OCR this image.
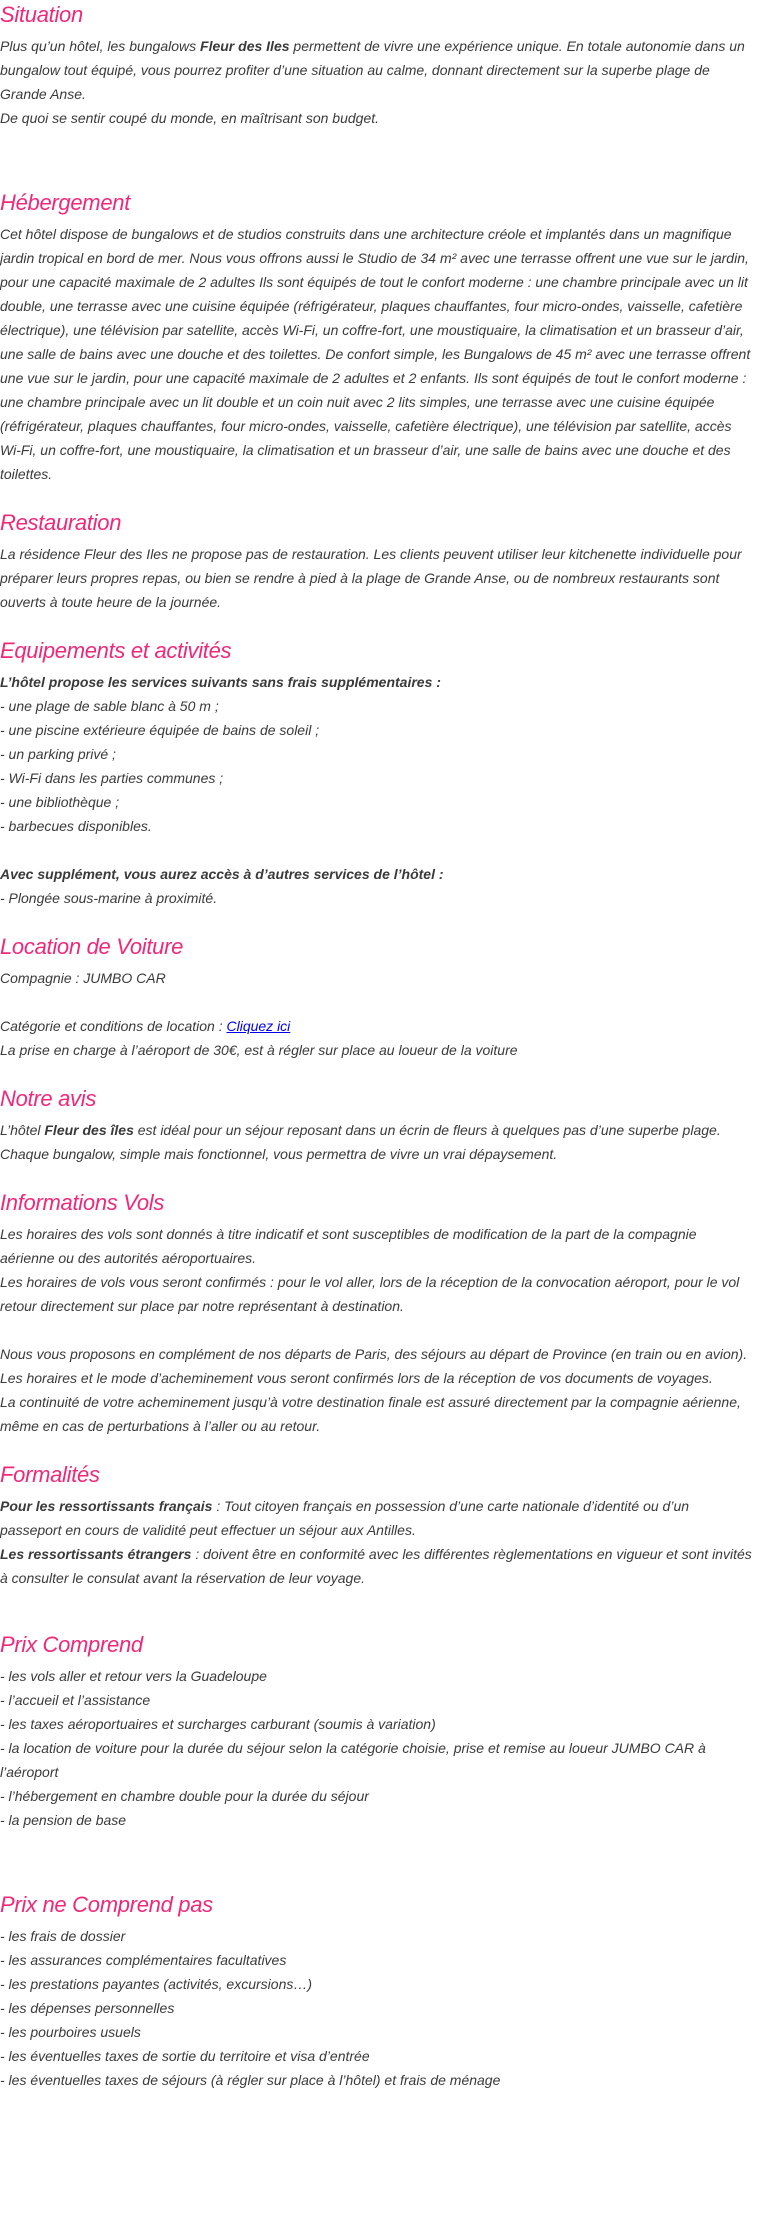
Situation

Plus qu’un hôtel, les bungalows Fleur des Iles permettent de vivre une expérience unique. En totale autonomie dans un bungalow tout équipé, vous pourrez profiter d’une situation au calme, donnant directement sur la superbe plage de Grande Anse.

De quoi se sentir coupé du monde, en maîtrisant son budget.

Hébergement

Cet hôtel dispose de bungalows et de studios construits dans une architecture créole et implantés dans un magnifique jardin tropical en bord de mer. Nous vous offrons aussi le Studio de 34 m² avec une terrasse offrent une vue sur le jardin, pour une capacité maximale de 2 adultes Ils sont équipés de tout le confort moderne : une chambre principale avec un lit double, une terrasse avec une cuisine équipée (réfrigérateur, plaques chauffantes, four micro-ondes, vaisselle, cafetière électrique), une télévision par satellite, accès Wi-Fi, un coffre-fort, une moustiquaire, la climatisation et un brasseur d’air, une salle de bains avec une douche et des toilettes. De confort simple, les Bungalows de 45 m² avec une terrasse offrent une vue sur le jardin, pour une capacité maximale de 2 adultes et 2 enfants. Ils sont équipés de tout le confort moderne : une chambre principale avec un lit double et un coin nuit avec 2 lits simples, une terrasse avec une cuisine équipée (réfrigérateur, plaques chauffantes, four micro-ondes, vaisselle, cafetière électrique), une télévision par satellite, accès Wi-Fi, un coffre-fort, une moustiquaire, la climatisation et un brasseur d’air, une salle de bains avec une douche et des toilettes.

Restauration

La résidence Fleur des Iles ne propose pas de restauration. Les clients peuvent utiliser leur kitchenette individuelle pour préparer leurs propres repas, ou bien se rendre à pied à la plage de Grande Anse, ou de nombreux restaurants sont ouverts à toute heure de la journée.

Equipements et activités

L’hôtel propose les services suivants sans frais supplémentaires :

- une plage de sable blanc à 50 m ;

- une piscine extérieure équipée de bains de soleil ;

- un parking privé ;

- Wi-Fi dans les parties communes ;

- une bibliothèque ;

- barbecues disponibles.

Avec supplément, vous aurez accès à d’autres services de l’hôtel :

- Plongée sous-marine à proximité.

Location de Voiture

Compagnie : JUMBO CAR

Catégorie et conditions de location : Cliquez ici

La prise en charge à l’aéroport de 30€, est à régler sur place au loueur de la voiture

Notre avis

L’hôtel Fleur des îles est idéal pour un séjour reposant dans un écrin de fleurs à quelques pas d’une superbe plage.

Chaque bungalow, simple mais fonctionnel, vous permettra de vivre un vrai dépaysement.

Informations Vols

Les horaires des vols sont donnés à titre indicatif et sont susceptibles de modification de la part de la compagnie aérienne ou des autorités aéroportuaires.

Les horaires de vols vous seront confirmés : pour le vol aller, lors de la réception de la convocation aéroport, pour le vol retour directement sur place par notre représentant à destination.

Nous vous proposons en complément de nos départs de Paris, des séjours au départ de Province (en train ou en avion).

Les horaires et le mode d’acheminement vous seront confirmés lors de la réception de vos documents de voyages.

La continuité de votre acheminement jusqu’à votre destination finale est assuré directement par la compagnie aérienne, même en cas de perturbations à l’aller ou au retour.

Formalités

Pour les ressortissants français : Tout citoyen français en possession d’une carte nationale d’identité ou d’un passeport en cours de validité peut effectuer un séjour aux Antilles.

Les ressortissants étrangers : doivent être en conformité avec les différentes règlementations en vigueur et sont invités à consulter le consulat avant la réservation de leur voyage.

Prix Comprend

- les vols aller et retour vers la Guadeloupe

- l’accueil et l’assistance

- les taxes aéroportuaires et surcharges carburant (soumis à variation)

- la location de voiture pour la durée du séjour selon la catégorie choisie, prise et remise au loueur JUMBO CAR à l’aéroport

- l’hébergement en chambre double pour la durée du séjour

- la pension de base

Prix ne Comprend pas

- les frais de dossier

- les assurances complémentaires facultatives

- les prestations payantes (activités, excursions…)

- les dépenses personnelles

- les pourboires usuels

- les éventuelles taxes de sortie du territoire et visa d’entrée

- les éventuelles taxes de séjours (à régler sur place à l’hôtel) et frais de ménage
